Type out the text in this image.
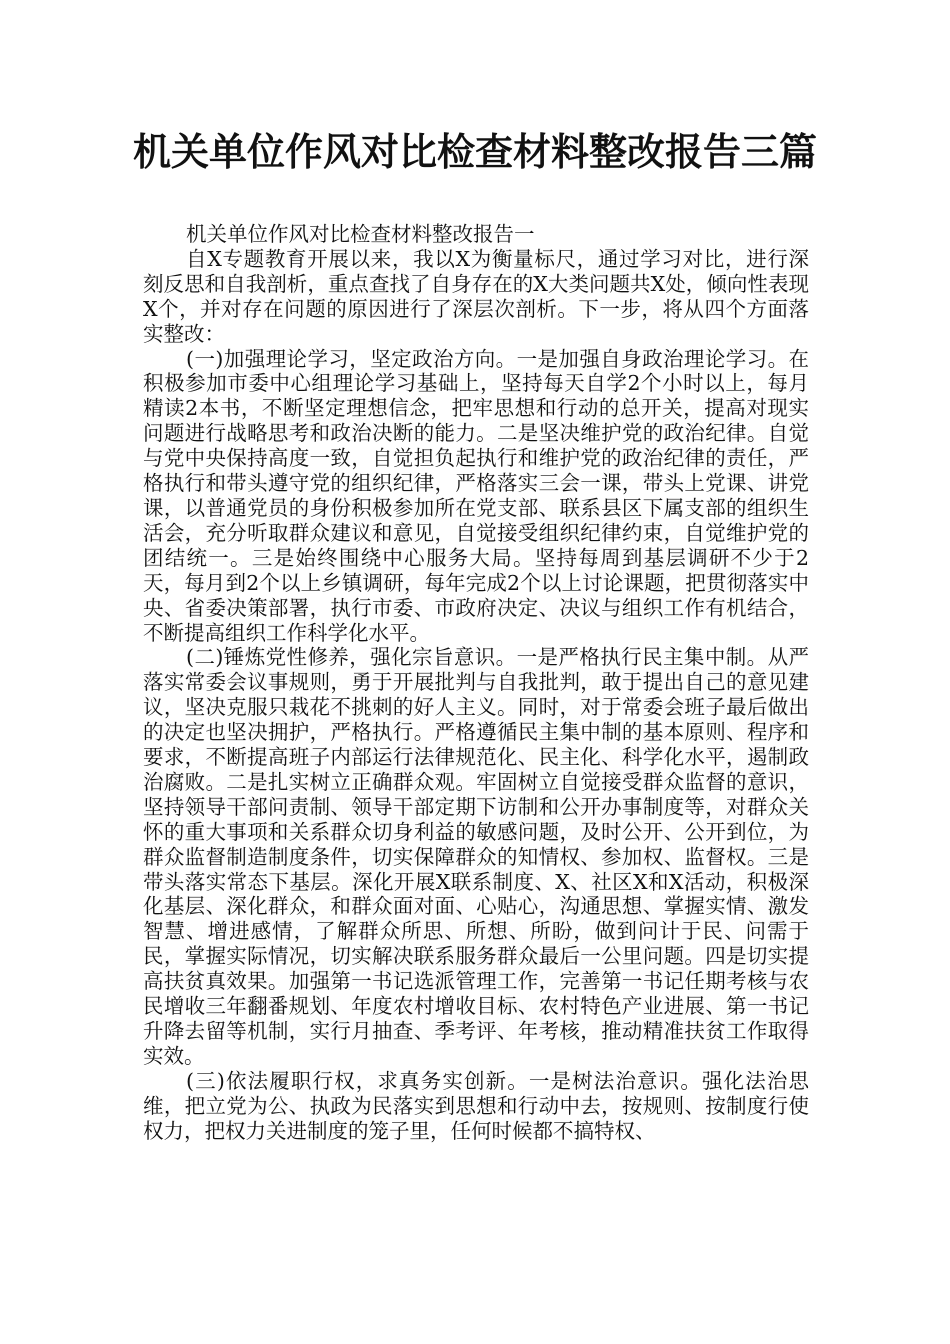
机关单位作风对比检查材料整改报告三篇

机关单位作风对比检查材料整改报告一

自X专题教育开展以来，我以X为衡量标尺，通过学习对比，进行深刻反思和自我剖析，重点查找了自身存在的X大类问题共X处，倾向性表现X个，并对存在问题的原因进行了深层次剖析。下一步，将从四个方面落实整改：

(一)加强理论学习，坚定政治方向。一是加强自身政治理论学习。在积极参加市委中心组理论学习基础上，坚持每天自学2个小时以上，每月精读2本书，不断坚定理想信念，把牢思想和行动的总开关，提高对现实问题进行战略思考和政治决断的能力。二是坚决维护党的政治纪律。自觉与党中央保持高度一致，自觉担负起执行和维护党的政治纪律的责任，严格执行和带头遵守党的组织纪律，严格落实三会一课，带头上党课、讲党课，以普通党员的身份积极参加所在党支部、联系县区下属支部的组织生活会，充分听取群众建议和意见，自觉接受组织纪律约束，自觉维护党的团结统一。三是始终围绕中心服务大局。坚持每周到基层调研不少于2天，每月到2个以上乡镇调研，每年完成2个以上讨论课题，把贯彻落实中央、省委决策部署，执行市委、市政府决定、决议与组织工作有机结合，不断提高组织工作科学化水平。

(二)锤炼党性修养，强化宗旨意识。一是严格执行民主集中制。从严落实常委会议事规则，勇于开展批判与自我批判，敢于提出自己的意见建议，坚决克服只栽花不挑刺的好人主义。同时，对于常委会班子最后做出的决定也坚决拥护，严格执行。严格遵循民主集中制的基本原则、程序和要求，不断提高班子内部运行法律规范化、民主化、科学化水平，遏制政治腐败。二是扎实树立正确群众观。牢固树立自觉接受群众监督的意识，坚持领导干部问责制、领导干部定期下访制和公开办事制度等，对群众关怀的重大事项和关系群众切身利益的敏感问题，及时公开、公开到位，为群众监督制造制度条件，切实保障群众的知情权、参加权、监督权。三是带头落实常态下基层。深化开展X联系制度、X、社区X和X活动，积极深化基层、深化群众，和群众面对面、心贴心，沟通思想、掌握实情、激发智慧、增进感情，了解群众所思、所想、所盼，做到问计于民、问需于民，掌握实际情况，切实解决联系服务群众最后一公里问题。四是切实提高扶贫真效果。加强第一书记选派管理工作，完善第一书记任期考核与农民增收三年翻番规划、年度农村增收目标、农村特色产业进展、第一书记升降去留等机制，实行月抽查、季考评、年考核，推动精准扶贫工作取得实效。

(三)依法履职行权，求真务实创新。一是树法治意识。强化法治思维，把立党为公、执政为民落实到思想和行动中去，按规则、按制度行使权力，把权力关进制度的笼子里，任何时候都不搞特权、
